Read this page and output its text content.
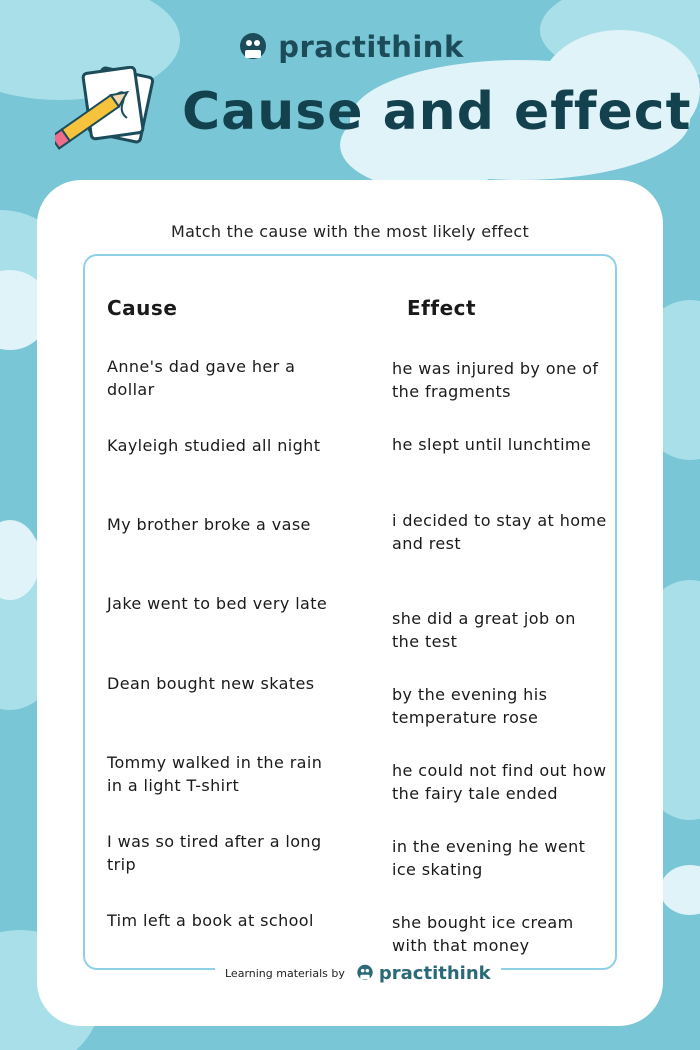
practithink
Cause and effect
Match the cause with the most likely effect
Cause	Effect
Anne's dad gave her a dollar
Kayleigh studied all night
My brother broke a vase
Jake went to bed very late
Dean bought new skates
Tommy walked in the rain in a light T-shirt
I was so tired after a long trip
Tim left a book at school
he was injured by one of the fragments
he slept until lunchtime
i decided to stay at home and rest
she did a great job on the test
by the evening his temperature rose
he could not find out how the fairy tale ended
in the evening he went ice skating
she bought ice cream with that money
Learning materials by practithink
